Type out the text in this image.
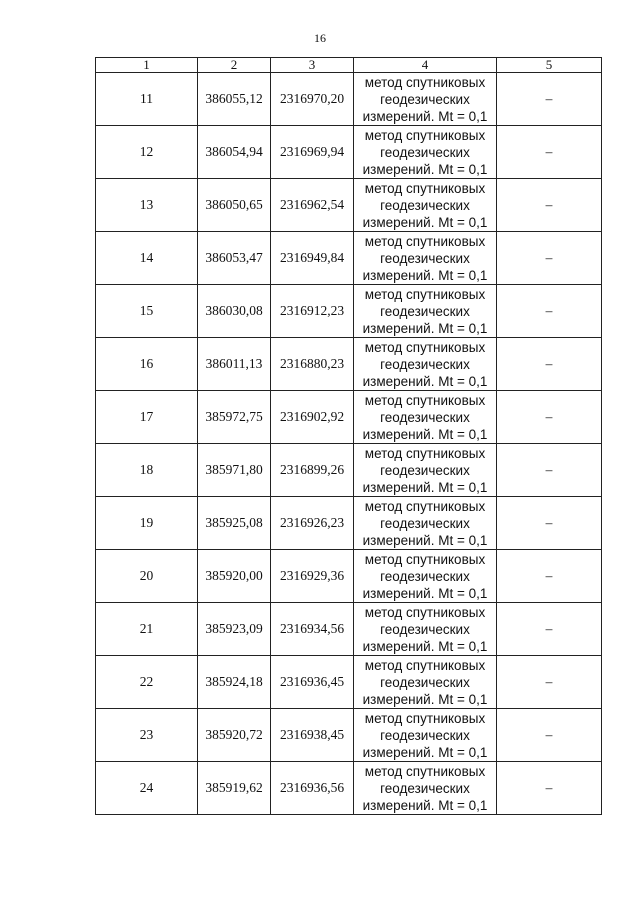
16
1	2	3	4	5
11	386055,12	2316970,20	метод спутниковых
геодезических
измерений. Mt = 0,1	–
12	386054,94	2316969,94	метод спутниковых
геодезических
измерений. Mt = 0,1	–
13	386050,65	2316962,54	метод спутниковых
геодезических
измерений. Mt = 0,1	–
14	386053,47	2316949,84	метод спутниковых
геодезических
измерений. Mt = 0,1	–
15	386030,08	2316912,23	метод спутниковых
геодезических
измерений. Mt = 0,1	–
16	386011,13	2316880,23	метод спутниковых
геодезических
измерений. Mt = 0,1	–
17	385972,75	2316902,92	метод спутниковых
геодезических
измерений. Mt = 0,1	–
18	385971,80	2316899,26	метод спутниковых
геодезических
измерений. Mt = 0,1	–
19	385925,08	2316926,23	метод спутниковых
геодезических
измерений. Mt = 0,1	–
20	385920,00	2316929,36	метод спутниковых
геодезических
измерений. Mt = 0,1	–
21	385923,09	2316934,56	метод спутниковых
геодезических
измерений. Mt = 0,1	–
22	385924,18	2316936,45	метод спутниковых
геодезических
измерений. Mt = 0,1	–
23	385920,72	2316938,45	метод спутниковых
геодезических
измерений. Mt = 0,1	–
24	385919,62	2316936,56	метод спутниковых
геодезических
измерений. Mt = 0,1	–
